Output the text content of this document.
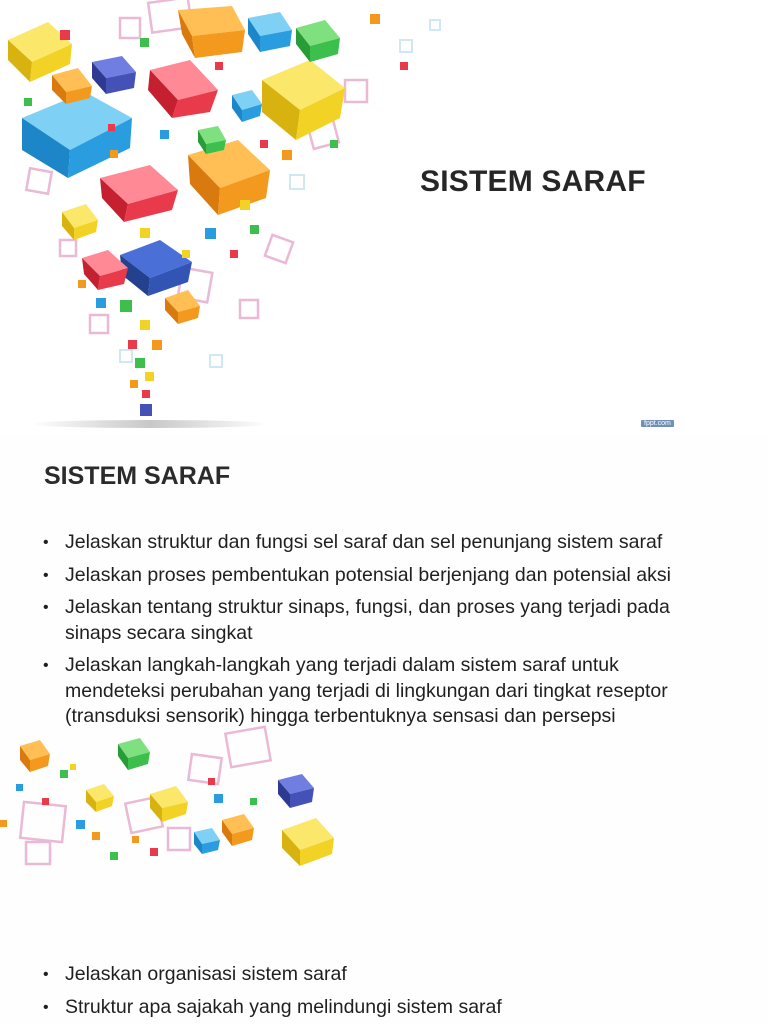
SISTEM SARAF
fppt.com
SISTEM SARAF
• Jelaskan struktur dan fungsi sel saraf dan sel penunjang sistem saraf
• Jelaskan proses pembentukan potensial berjenjang dan potensial aksi
• Jelaskan tentang struktur sinaps, fungsi, dan proses yang terjadi pada sinaps secara singkat
• Jelaskan langkah-langkah yang terjadi dalam sistem saraf untuk mendeteksi perubahan yang terjadi di lingkungan dari tingkat reseptor (transduksi sensorik) hingga terbentuknya sensasi dan persepsi
• Jelaskan organisasi sistem saraf
• Struktur apa sajakah yang melindungi sistem saraf
